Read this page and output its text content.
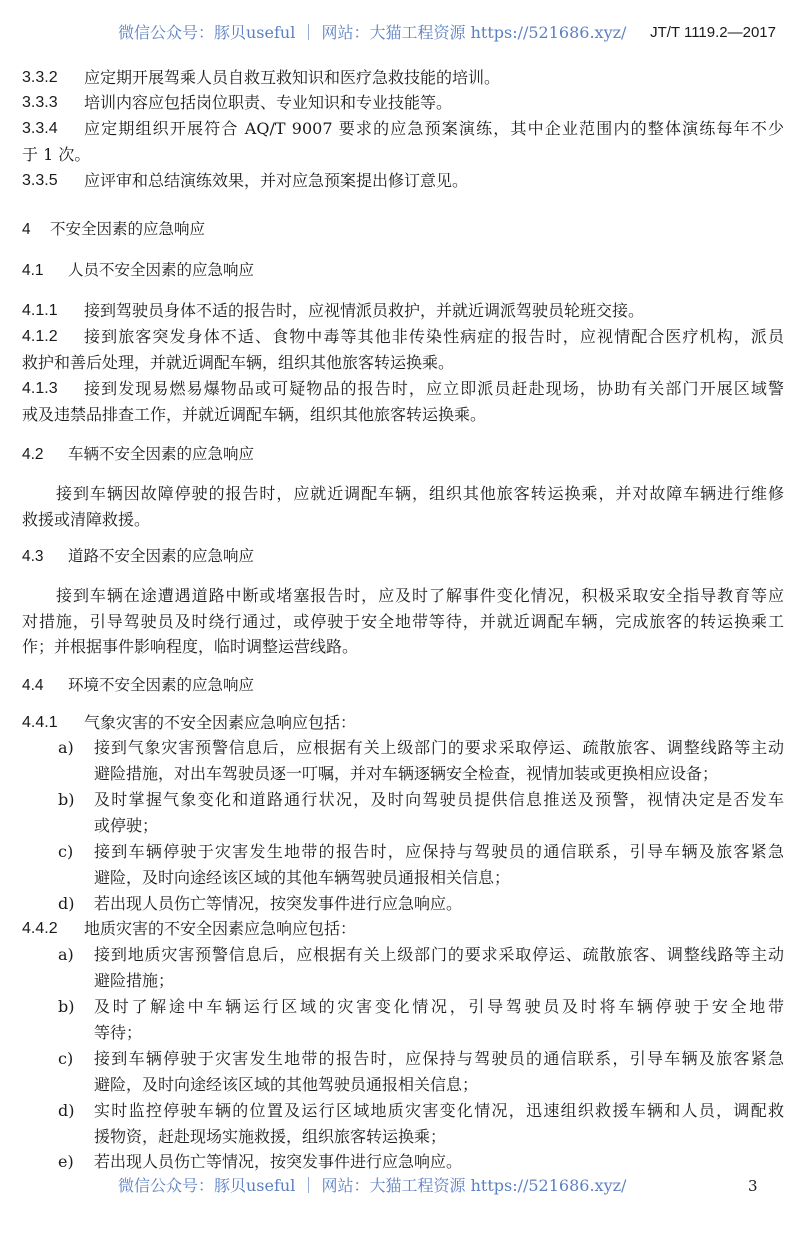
微信公众号：豚贝useful ｜ 网站：大猫工程资源 https://521686.xyz/ JT/T 1119.2—2017
3.3.2 应定期开展驾乘人员自救互救知识和医疗急救技能的培训。
3.3.3 培训内容应包括岗位职责、专业知识和专业技能等。
3.3.4 应定期组织开展符合 AQ/T 9007 要求的应急预案演练，其中企业范围内的整体演练每年不少
于 1 次。
3.3.5 应评审和总结演练效果，并对应急预案提出修订意见。
4 不安全因素的应急响应
4.1 人员不安全因素的应急响应
4.1.1 接到驾驶员身体不适的报告时，应视情派员救护，并就近调派驾驶员轮班交接。
4.1.2 接到旅客突发身体不适、食物中毒等其他非传染性病症的报告时，应视情配合医疗机构，派员
救护和善后处理，并就近调配车辆，组织其他旅客转运换乘。
4.1.3 接到发现易燃易爆物品或可疑物品的报告时，应立即派员赶赴现场，协助有关部门开展区域警
戒及违禁品排查工作，并就近调配车辆，组织其他旅客转运换乘。
4.2 车辆不安全因素的应急响应
接到车辆因故障停驶的报告时，应就近调配车辆，组织其他旅客转运换乘，并对故障车辆进行维修
救援或清障救援。
4.3 道路不安全因素的应急响应
接到车辆在途遭遇道路中断或堵塞报告时，应及时了解事件变化情况，积极采取安全指导教育等应
对措施，引导驾驶员及时绕行通过，或停驶于安全地带等待，并就近调配车辆，完成旅客的转运换乘工
作；并根据事件影响程度，临时调整运营线路。
4.4 环境不安全因素的应急响应
4.4.1 气象灾害的不安全因素应急响应包括：
a) 接到气象灾害预警信息后，应根据有关上级部门的要求采取停运、疏散旅客、调整线路等主动
避险措施，对出车驾驶员逐一叮嘱，并对车辆逐辆安全检查，视情加装或更换相应设备；
b) 及时掌握气象变化和道路通行状况，及时向驾驶员提供信息推送及预警，视情决定是否发车
或停驶；
c) 接到车辆停驶于灾害发生地带的报告时，应保持与驾驶员的通信联系，引导车辆及旅客紧急
避险，及时向途经该区域的其他车辆驾驶员通报相关信息；
d) 若出现人员伤亡等情况，按突发事件进行应急响应。
4.4.2 地质灾害的不安全因素应急响应包括：
a) 接到地质灾害预警信息后，应根据有关上级部门的要求采取停运、疏散旅客、调整线路等主动
避险措施；
b) 及时了解途中车辆运行区域的灾害变化情况，引导驾驶员及时将车辆停驶于安全地带
等待；
c) 接到车辆停驶于灾害发生地带的报告时，应保持与驾驶员的通信联系，引导车辆及旅客紧急
避险，及时向途经该区域的其他驾驶员通报相关信息；
d) 实时监控停驶车辆的位置及运行区域地质灾害变化情况，迅速组织救援车辆和人员，调配救
援物资，赶赴现场实施救援，组织旅客转运换乘；
e) 若出现人员伤亡等情况，按突发事件进行应急响应。
微信公众号：豚贝useful ｜ 网站：大猫工程资源 https://521686.xyz/	3
